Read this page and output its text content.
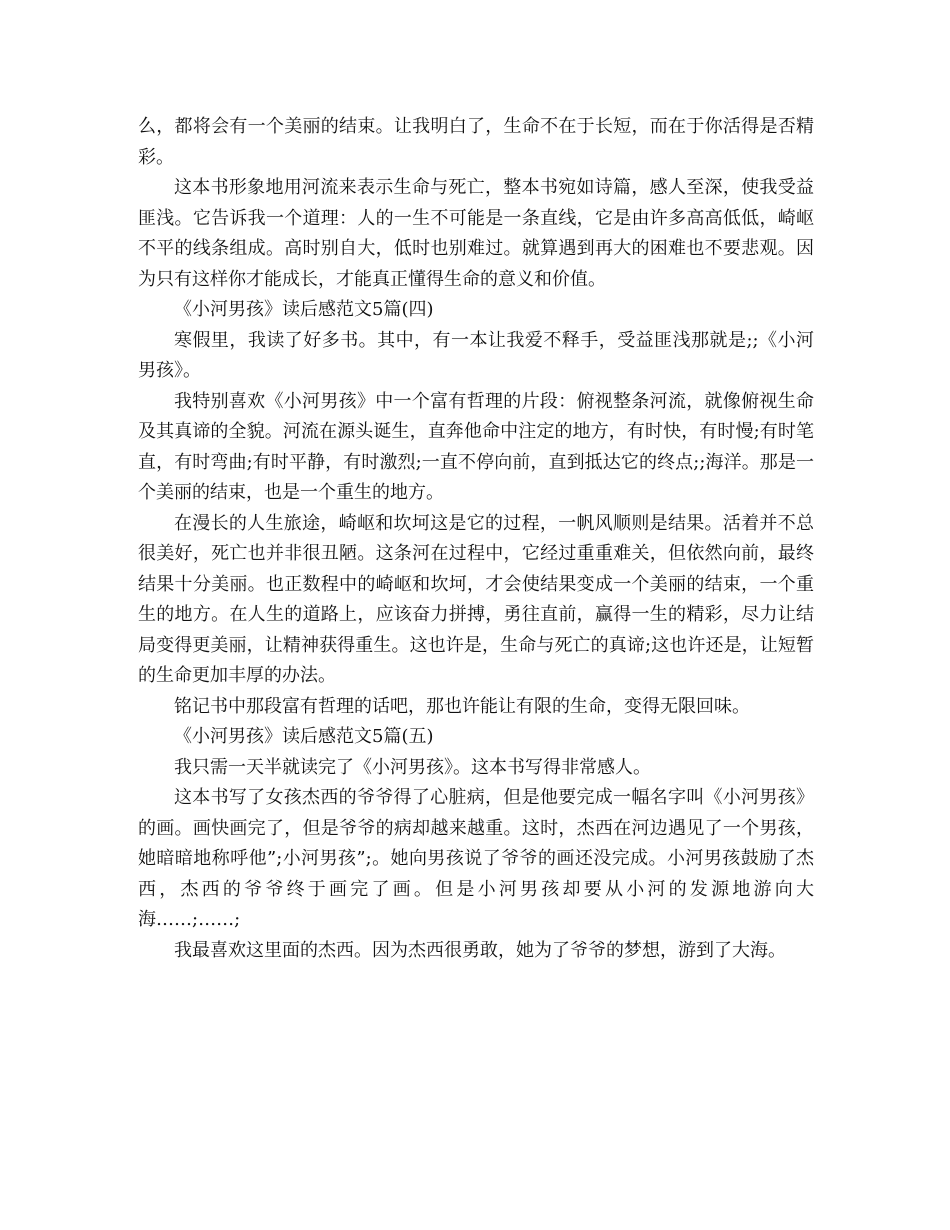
么，都将会有一个美丽的结束。让我明白了，生命不在于长短，而在于你活得是否精彩。

这本书形象地用河流来表示生命与死亡，整本书宛如诗篇，感人至深，使我受益匪浅。它告诉我一个道理：人的一生不可能是一条直线，它是由许多高高低低，崎岖不平的线条组成。高时别自大，低时也别难过。就算遇到再大的困难也不要悲观。因为只有这样你才能成长，才能真正懂得生命的意义和价值。

《小河男孩》读后感范文5篇(四)

寒假里，我读了好多书。其中，有一本让我爱不释手，受益匪浅那就是;;《小河男孩》。

我特别喜欢《小河男孩》中一个富有哲理的片段：俯视整条河流，就像俯视生命及其真谛的全貌。河流在源头诞生，直奔他命中注定的地方，有时快，有时慢;有时笔直，有时弯曲;有时平静，有时激烈;一直不停向前，直到抵达它的终点;;海洋。那是一个美丽的结束，也是一个重生的地方。

在漫长的人生旅途，崎岖和坎坷这是它的过程，一帆风顺则是结果。活着并不总很美好，死亡也并非很丑陋。这条河在过程中，它经过重重难关，但依然向前，最终结果十分美丽。也正数程中的崎岖和坎坷，才会使结果变成一个美丽的结束，一个重生的地方。在人生的道路上，应该奋力拼搏，勇往直前，赢得一生的精彩，尽力让结局变得更美丽，让精神获得重生。这也许是，生命与死亡的真谛;这也许还是，让短暂的生命更加丰厚的办法。

铭记书中那段富有哲理的话吧，那也许能让有限的生命，变得无限回味。

《小河男孩》读后感范文5篇(五)

我只需一天半就读完了《小河男孩》。这本书写得非常感人。

这本书写了女孩杰西的爷爷得了心脏病，但是他要完成一幅名字叫《小河男孩》的画。画快画完了，但是爷爷的病却越来越重。这时，杰西在河边遇见了一个男孩，她暗暗地称呼他”;小河男孩”;。她向男孩说了爷爷的画还没完成。小河男孩鼓励了杰西，杰西的爷爷终于画完了画。但是小河男孩却要从小河的发源地游向大海……;……;

我最喜欢这里面的杰西。因为杰西很勇敢，她为了爷爷的梦想，游到了大海。
